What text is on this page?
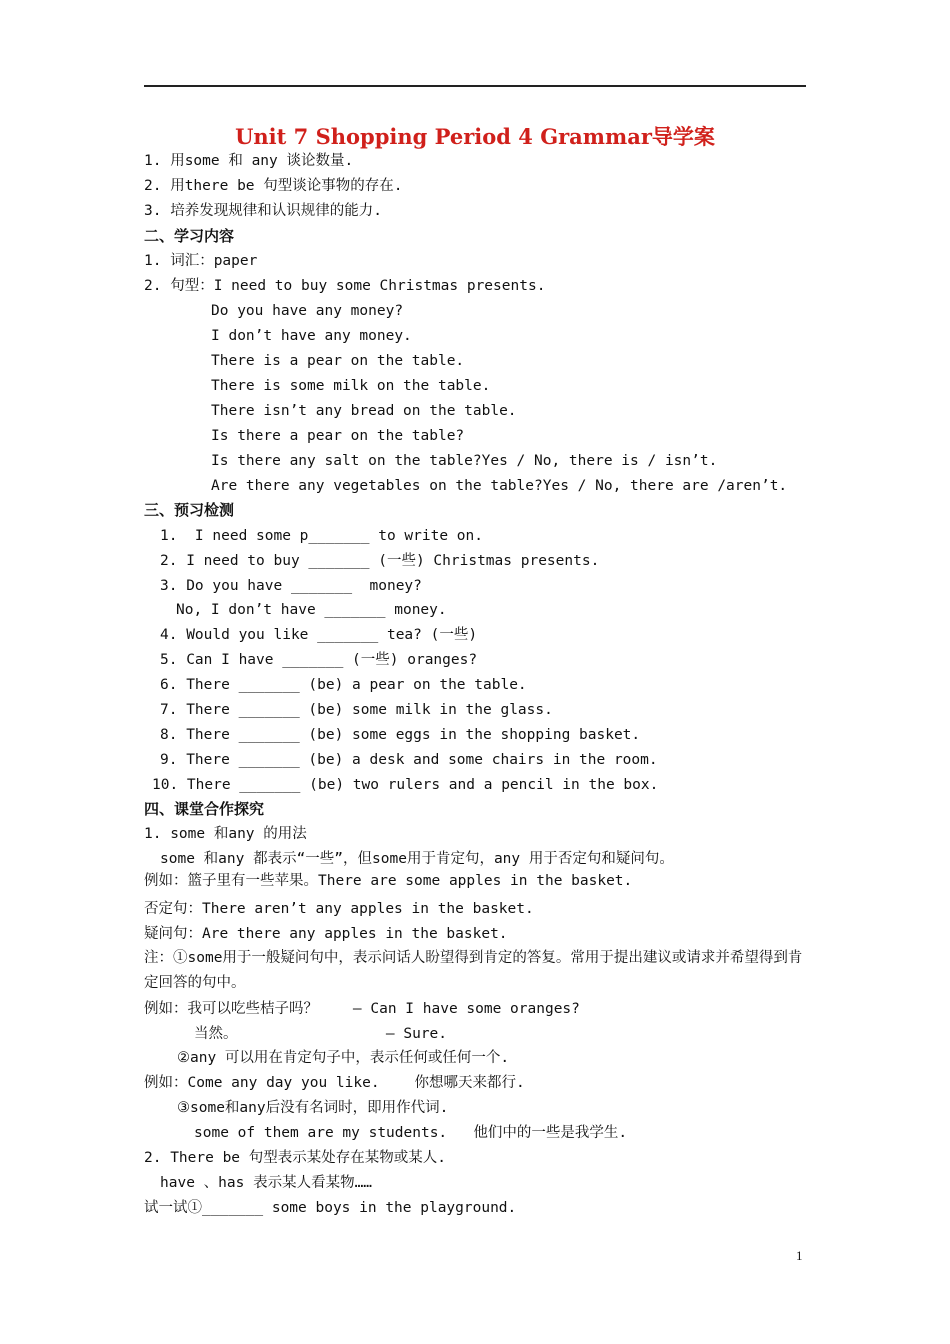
Unit 7 Shopping Period 4 Grammar导学案
1. 用some 和 any 谈论数量.
2. 用there be 句型谈论事物的存在.
3. 培养发现规律和认识规律的能力.
二、学习内容
1. 词汇：paper
2. 句型：I need to buy some Christmas presents.
Do you have any money?
I don’t have any money.
There is a pear on the table.
There is some milk on the table.
There isn’t any bread on the table.
Is there a pear on the table?
Is there any salt on the table?Yes / No, there is / isn’t.
Are there any vegetables on the table?Yes / No, there are /aren’t.
三、预习检测
1.  I need some p_______ to write on.
2. I need to buy _______ (一些) Christmas presents.
3. Do you have _______  money?
No, I don’t have _______ money.
4. Would you like _______ tea? (一些)
5. Can I have _______ (一些) oranges?
6. There _______ (be) a pear on the table.
7. There _______ (be) some milk in the glass.
8. There _______ (be) some eggs in the shopping basket.
9. There _______ (be) a desk and some chairs in the room.
10. There _______ (be) two rulers and a pencil in the box.
四、课堂合作探究
1. some 和any 的用法
some 和any 都表示“一些”，但some用于肯定句，any 用于否定句和疑问句。
例如：篮子里有一些苹果。There are some apples in the basket.
否定句：There aren’t any apples in the basket.
疑问句：Are there any apples in the basket.
注：①some用于一般疑问句中，表示问话人盼望得到肯定的答复。常用于提出建议或请求并希望得到肯定回答的句中。
例如：我可以吃些桔子吗？    — Can I have some oranges?
当然。                 — Sure.
②any 可以用在肯定句子中，表示任何或任何一个.
例如：Come any day you like.    你想哪天来都行.
③some和any后没有名词时，即用作代词.
some of them are my students.   他们中的一些是我学生.
2. There be 句型表示某处存在某物或某人.
have 、has 表示某人看某物……
试一试①_______ some boys in the playground.
1
